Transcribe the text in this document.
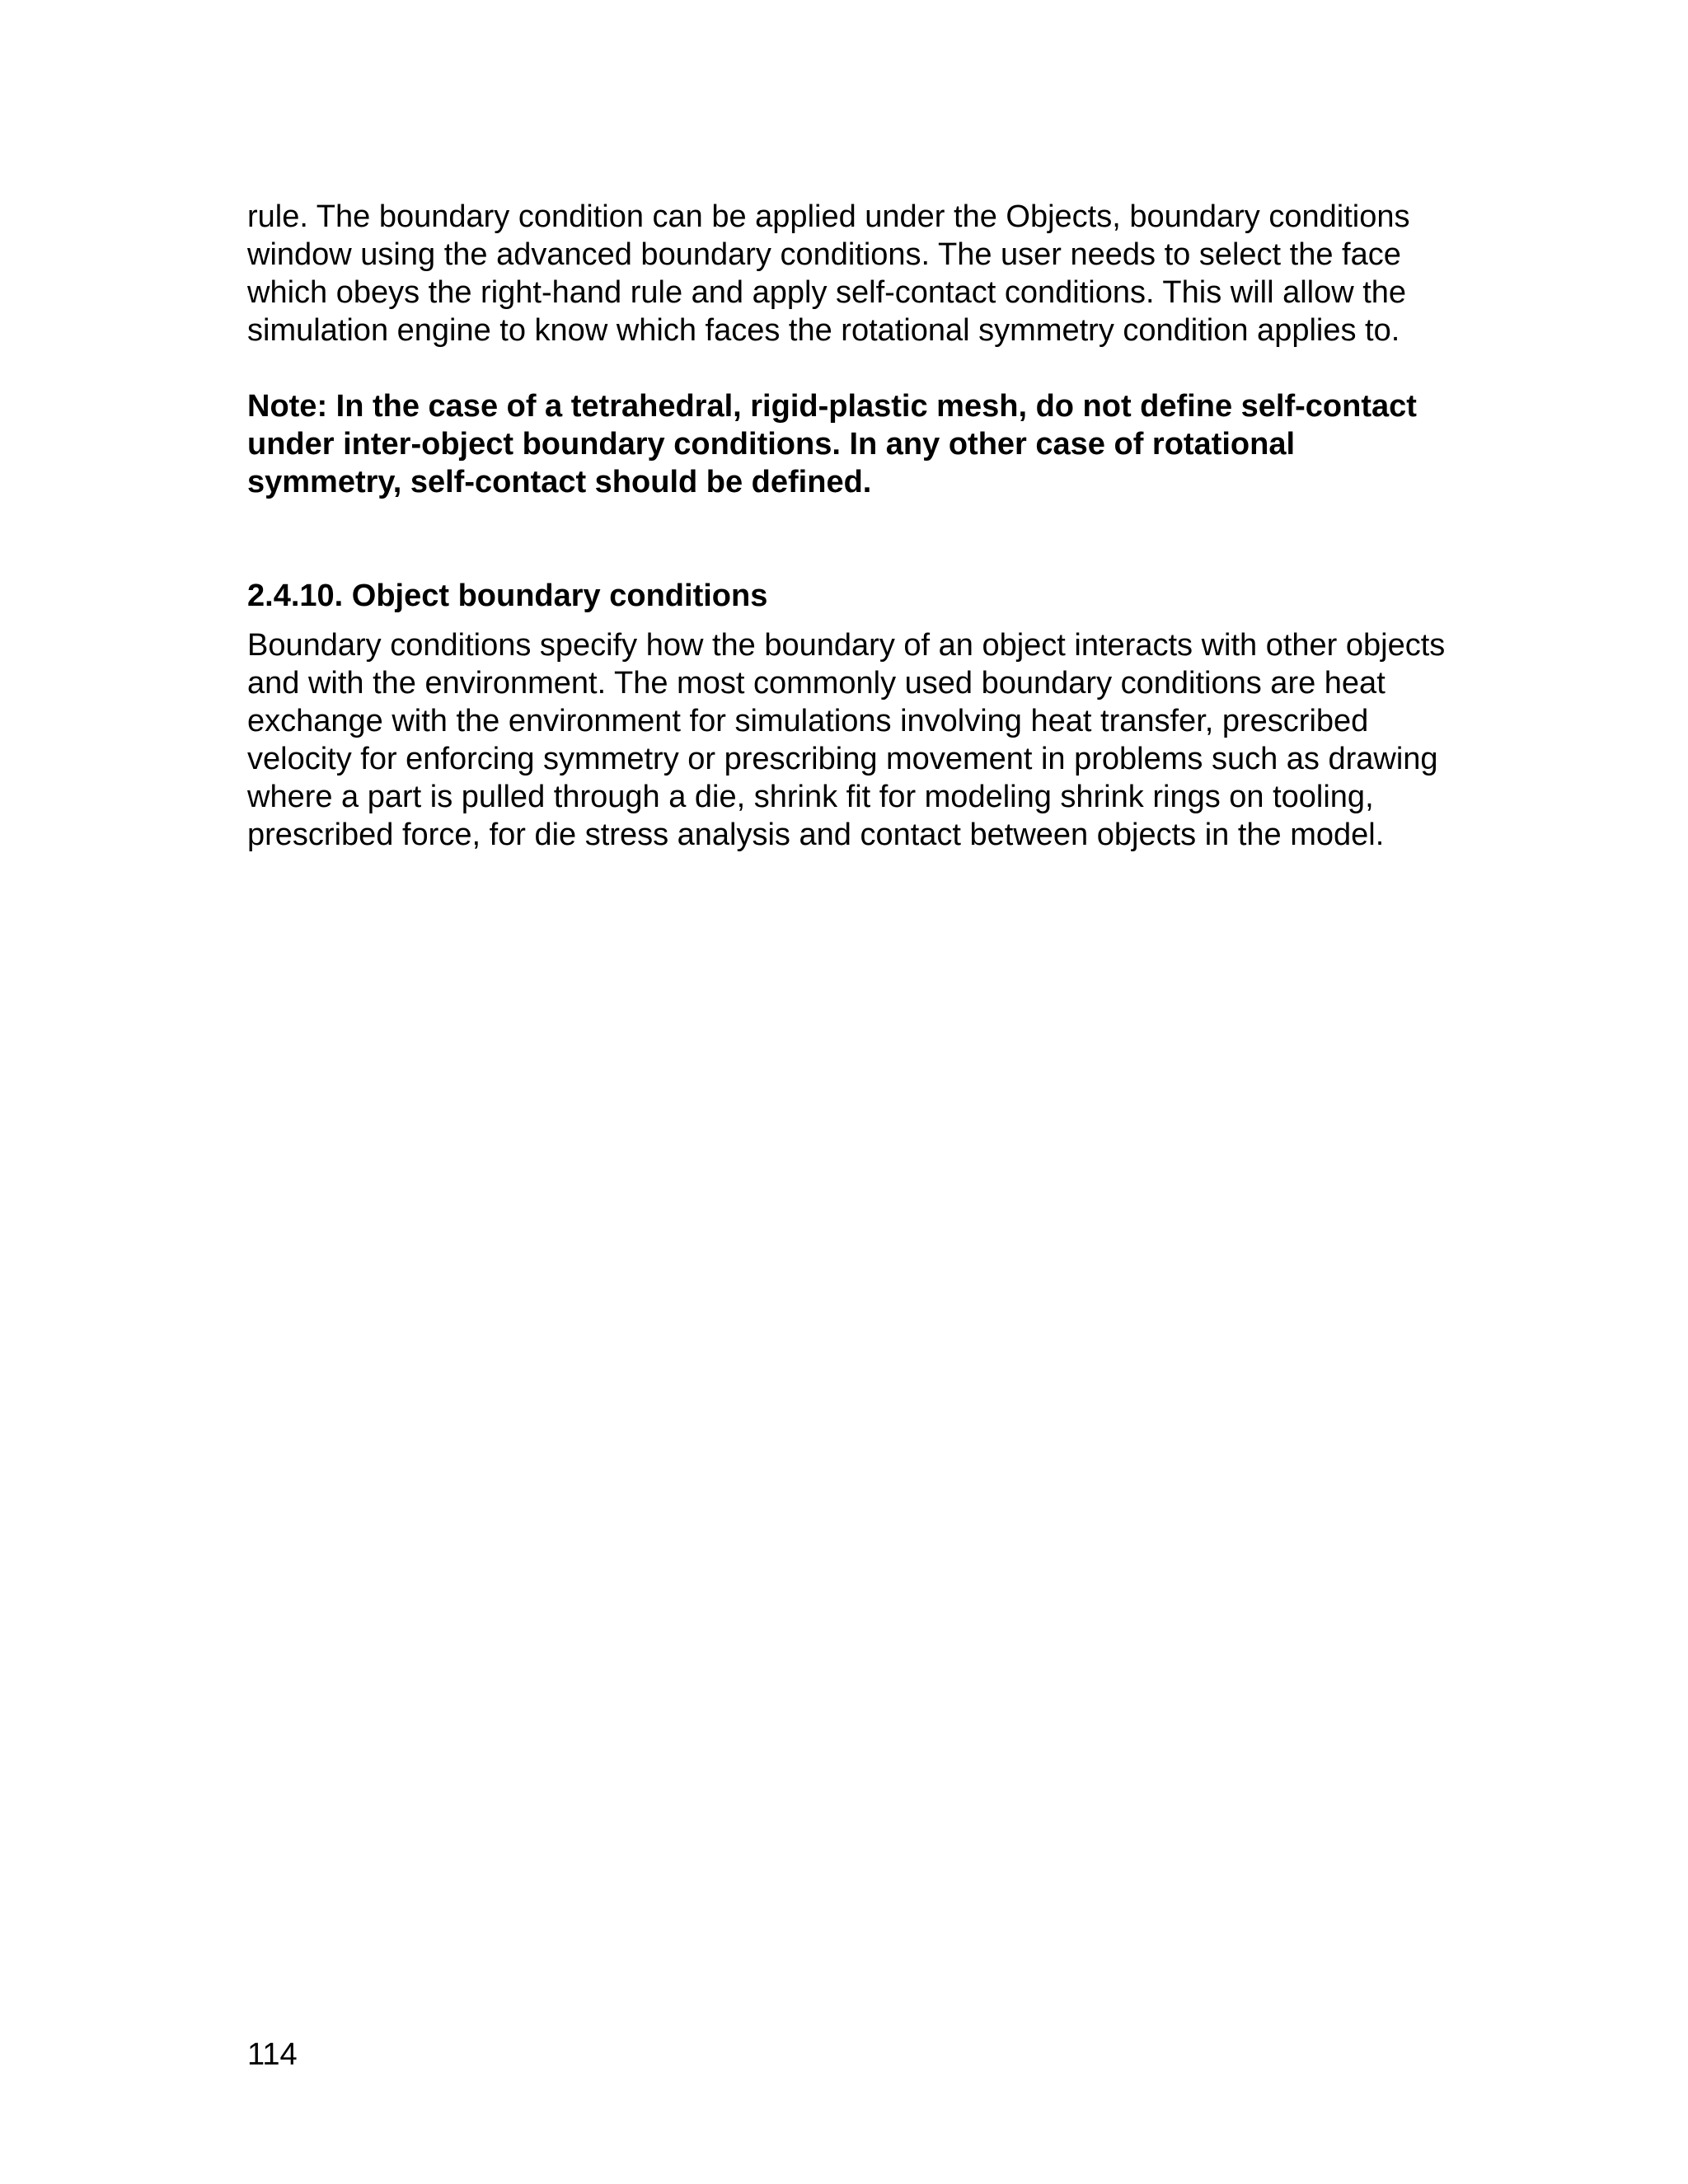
rule. The boundary condition can be applied under the Objects, boundary conditions window using the advanced boundary conditions. The user needs to select the face which obeys the right-hand rule and apply self-contact conditions. This will allow the simulation engine to know which faces the rotational symmetry condition applies to.

Note: In the case of a tetrahedral, rigid-plastic mesh, do not define self-contact under inter-object boundary conditions. In any other case of rotational symmetry, self-contact should be defined.

2.4.10. Object boundary conditions

Boundary conditions specify how the boundary of an object interacts with other objects and with the environment. The most commonly used boundary conditions are heat exchange with the environment for simulations involving heat transfer, prescribed velocity for enforcing symmetry or prescribing movement in problems such as drawing where a part is pulled through a die, shrink fit for modeling shrink rings on tooling, prescribed force, for die stress analysis and contact between objects in the model.

114
